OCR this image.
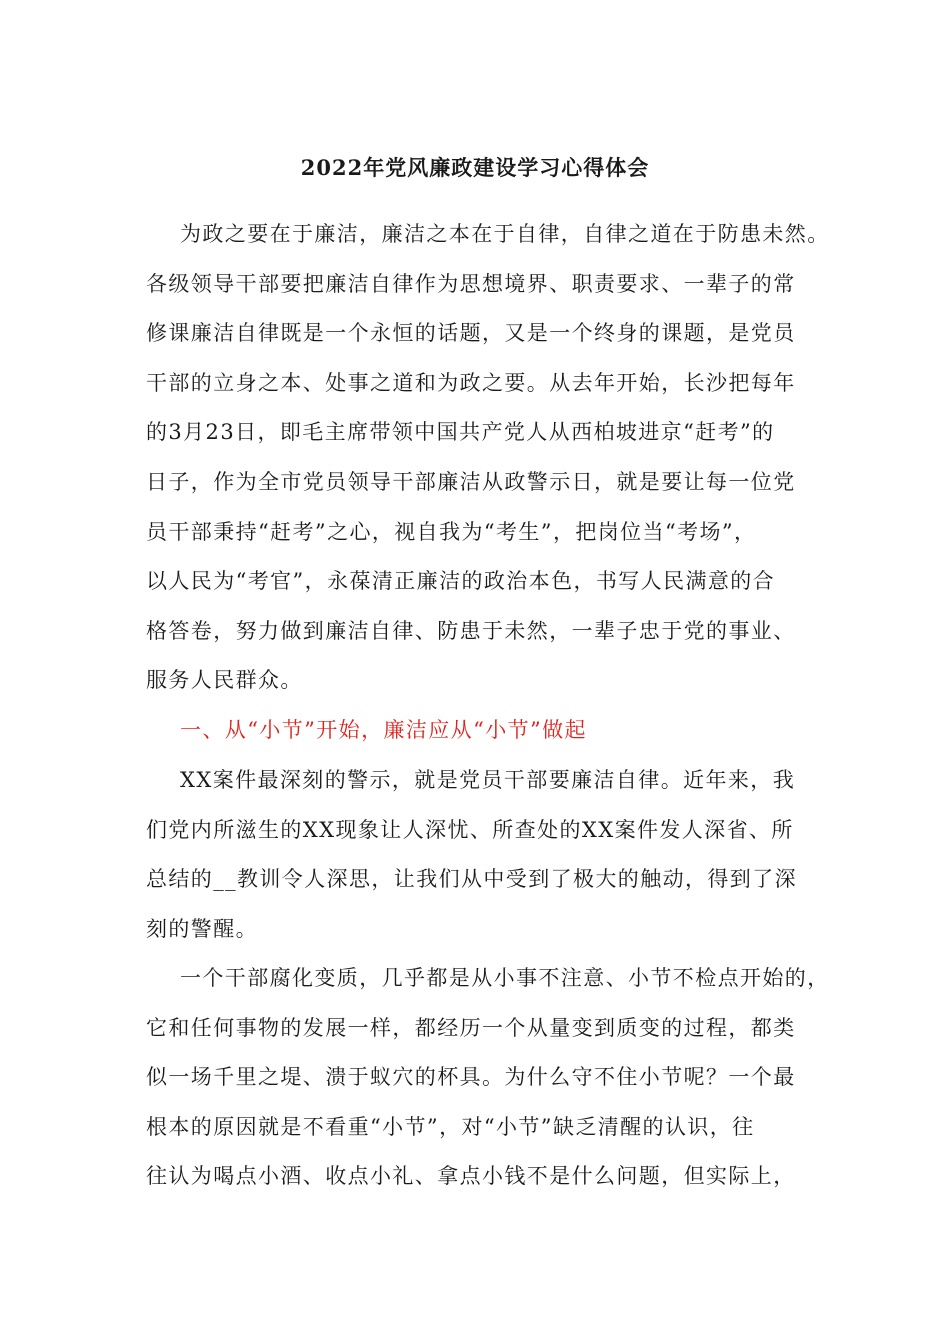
2022年党风廉政建设学习心得体会
为政之要在于廉洁，廉洁之本在于自律，自律之道在于防患未然。
各级领导干部要把廉洁自律作为思想境界、职责要求、一辈子的常
修课廉洁自律既是一个永恒的话题，又是一个终身的课题，是党员
干部的立身之本、处事之道和为政之要。从去年开始，长沙把每年
的3月23日，即毛主席带领中国共产党人从西柏坡进京“赶考”的
日子，作为全市党员领导干部廉洁从政警示日，就是要让每一位党
员干部秉持“赶考”之心，视自我为“考生”，把岗位当“考场”，
以人民为“考官”，永葆清正廉洁的政治本色，书写人民满意的合
格答卷，努力做到廉洁自律、防患于未然，一辈子忠于党的事业、
服务人民群众。
一、从“小节”开始，廉洁应从“小节”做起
XX案件最深刻的警示，就是党员干部要廉洁自律。近年来，我
们党内所滋生的XX现象让人深忧、所查处的XX案件发人深省、所
总结的__教训令人深思，让我们从中受到了极大的触动，得到了深
刻的警醒。
一个干部腐化变质，几乎都是从小事不注意、小节不检点开始的，
它和任何事物的发展一样，都经历一个从量变到质变的过程，都类
似一场千里之堤、溃于蚁穴的杯具。为什么守不住小节呢？一个最
根本的原因就是不看重“小节”，对“小节”缺乏清醒的认识，往
往认为喝点小酒、收点小礼、拿点小钱不是什么问题，但实际上，
